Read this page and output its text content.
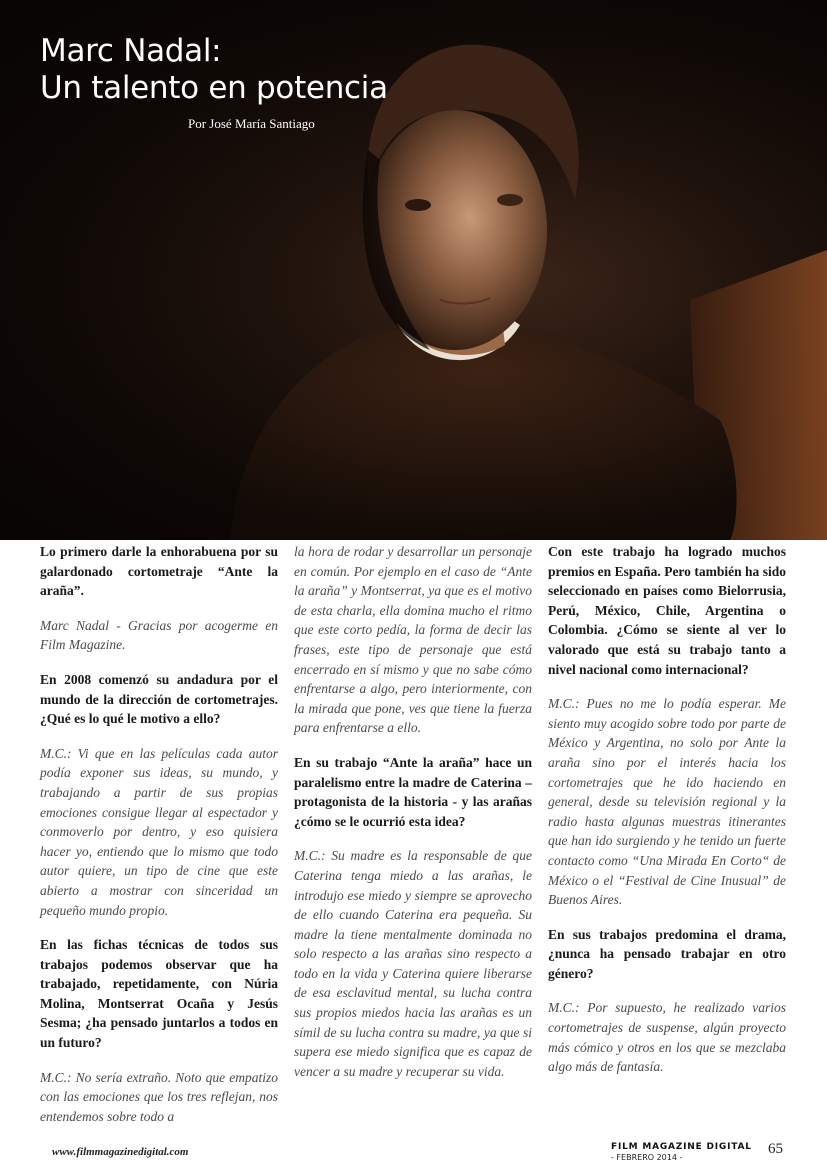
Marc Nadal:
Un talento en potencia
Por José María Santiago

Lo primero darle la enhorabuena por su galardonado cortometraje “Ante la araña”.

Marc Nadal - Gracias por acogerme en Film Magazine.

En 2008 comenzó su andadura por el mundo de la dirección de cortometrajes. ¿Qué es lo qué le motivo a ello?

M.C.: Vi que en las películas cada autor podía exponer sus ideas, su mundo, y trabajando a partir de sus propias emociones consigue llegar al espectador y conmoverlo por dentro, y eso quisiera hacer yo, entiendo que lo mismo que todo autor quiere, un tipo de cine que este abierto a mostrar con sinceridad un pequeño mundo propio.

En las fichas técnicas de todos sus trabajos podemos observar que ha trabajado, repetidamente, con Núria Molina, Montserrat Ocaña y Jesús Sesma; ¿ha pensado juntarlos a todos en un futuro?

M.C.: No sería extraño. Noto que empatizo con las emociones que los tres reflejan, nos entendemos sobre todo a

la hora de rodar y desarrollar un personaje en común. Por ejemplo en el caso de “Ante la araña” y Montserrat, ya que es el motivo de esta charla, ella domina mucho el ritmo que este corto pedía, la forma de decir las frases, este tipo de personaje que está encerrado en sí mismo y que no sabe cómo enfrentarse a algo, pero interiormente, con la mirada que pone, ves que tiene la fuerza para enfrentarse a ello.

En su trabajo “Ante la araña” hace un paralelismo entre la madre de Caterina – protagonista de la historia - y las arañas ¿cómo se le ocurrió esta idea?

M.C.: Su madre es la responsable de que Caterina tenga miedo a las arañas, le introdujo ese miedo y siempre se aprovecho de ello cuando Caterina era pequeña. Su madre la tiene mentalmente dominada no solo respecto a las arañas sino respecto a todo en la vida y Caterina quiere liberarse de esa esclavitud mental, su lucha contra sus propios miedos hacia las arañas es un símil de su lucha contra su madre, ya que si supera ese miedo significa que es capaz de vencer a su madre y recuperar su vida.

Con este trabajo ha logrado muchos premios en España. Pero también ha sido seleccionado en países como Bielorrusia, Perú, México, Chile, Argentina o Colombia. ¿Cómo se siente al ver lo valorado que está su trabajo tanto a nivel nacional como internacional?

M.C.: Pues no me lo podía esperar. Me siento muy acogido sobre todo por parte de México y Argentina, no solo por Ante la araña sino por el interés hacia los cortometrajes que he ido haciendo en general, desde su televisión regional y la radio hasta algunas muestras itinerantes que han ido surgiendo y he tenido un fuerte contacto como “Una Mirada En Corto“ de México o el “Festival de Cine Inusual” de Buenos Aires.

En sus trabajos predomina el drama, ¿nunca ha pensado trabajar en otro género?

M.C.: Por supuesto, he realizado varios cortometrajes de suspense, algún proyecto más cómico y otros en los que se mezclaba algo más de fantasía.

www.filmmagazinedigital.com	FILM MAGAZINE DIGITAL
- FEBRERO 2014 -
65
